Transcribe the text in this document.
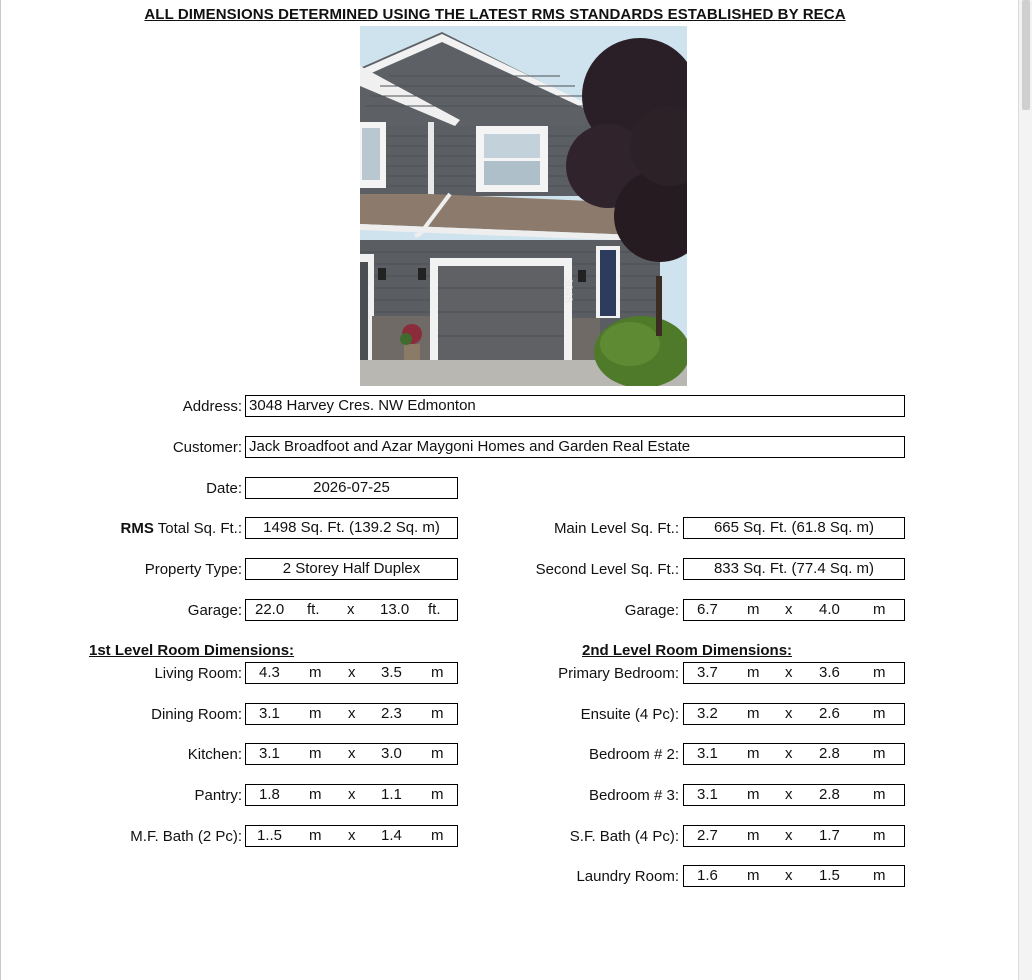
ALL DIMENSIONS DETERMINED USING THE LATEST RMS STANDARDS ESTABLISHED BY RECA
3048
Address: 3048 Harvey Cres. NW Edmonton
Customer: Jack Broadfoot and Azar Maygoni Homes and Garden Real Estate
Date:	2026-07-25
RMS Total Sq. Ft.:	1498 Sq. Ft. (139.2 Sq. m)
Property Type:	2 Storey Half Duplex
Garage: 22.0 ft. x 13.0 ft.
Main Level Sq. Ft.:	665 Sq. Ft. (61.8 Sq. m)
Second Level Sq. Ft.:	833 Sq. Ft. (77.4 Sq. m)
Garage: 6.7 m x 4.0 m
1st Level Room Dimensions:	2nd Level Room Dimensions:
Living Room: 4.3 m x 3.5 m
Dining Room: 3.1 m x 2.3 m
Kitchen: 3.1 m x 3.0 m
Pantry: 1.8 m x 1.1 m
M.F. Bath (2 Pc): 1..5 m x 1.4 m
Primary Bedroom: 3.7 m x 3.6 m
Ensuite (4 Pc): 3.2 m x 2.6 m
Bedroom # 2: 3.1 m x 2.8 m
Bedroom # 3: 3.1 m x 2.8 m
S.F. Bath (4 Pc): 2.7 m x 1.7 m
Laundry Room: 1.6 m x 1.5 m
